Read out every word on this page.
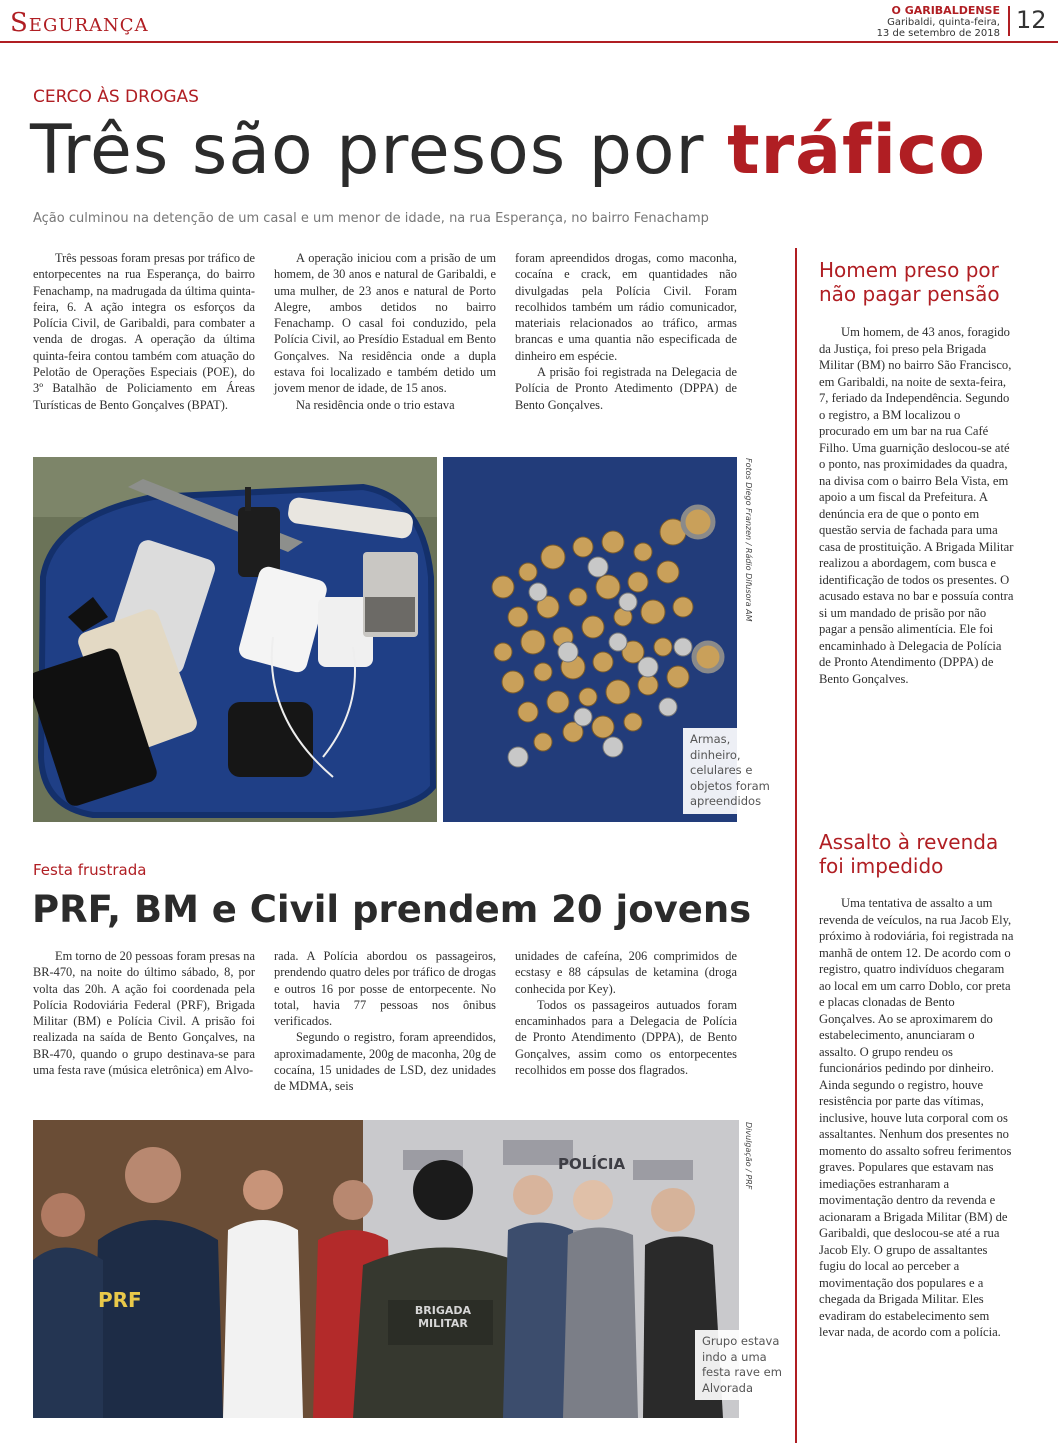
Segurança	O GARIBALDENSE
Garibaldi, quinta-feira,
13 de setembro de 2018 12
CERCO ÀS DROGAS
Três são presos por tráfico
Ação culminou na detenção de um casal e um menor de idade, na rua Esperança, no bairro Fenachamp

Três pessoas foram presas por tráfico de entorpecentes na rua Esperança, do bairro Fenachamp, na madrugada da última quinta-feira, 6. A ação integra os esforços da Polícia Civil, de Garibaldi, para combater a venda de drogas. A operação da última quinta-feira contou também com atuação do Pelotão de Operações Especiais (POE), do 3º Batalhão de Policiamento em Áreas Turísticas de Bento Gonçalves (BPAT).

A operação iniciou com a prisão de um homem, de 30 anos e natural de Garibaldi, e uma mulher, de 23 anos e natural de Porto Alegre, ambos detidos no bairro Fenachamp. O casal foi conduzido, pela Polícia Civil, ao Presídio Estadual em Bento Gonçalves. Na residência onde a dupla estava foi localizado e também detido um jovem menor de idade, de 15 anos.

Na residência onde o trio estava

foram apreendidos drogas, como maconha, cocaína e crack, em quantidades não divulgadas pela Polícia Civil. Foram recolhidos também um rádio comunicador, materiais relacionados ao tráfico, armas brancas e uma quantia não especificada de dinheiro em espécie.

A prisão foi registrada na Delegacia de Polícia de Pronto Atedimento (DPPA) de Bento Gonçalves.

Fotos Diego Franzen / Rádio Difusora AM
Armas, dinheiro, celulares e objetos foram apreendidos
Festa frustrada
PRF, BM e Civil prendem 20 jovens

Em torno de 20 pessoas foram presas na BR-470, na noite do último sábado, 8, por volta das 20h. A ação foi coordenada pela Polícia Rodoviária Federal (PRF), Brigada Militar (BM) e Polícia Civil. A prisão foi realizada na saída de Bento Gonçalves, na BR-470, quando o grupo destinava-se para uma festa rave (música eletrônica) em Alvo-

rada. A Polícia abordou os passageiros, prendendo quatro deles por tráfico de drogas e outros 16 por posse de entorpecente. No total, havia 77 pessoas nos ônibus verificados.

Segundo o registro, foram apreendidos, aproximadamente, 200g de maconha, 20g de cocaína, 15 unidades de LSD, dez unidades de MDMA, seis

unidades de cafeína, 206 comprimidos de ecstasy e 88 cápsulas de ketamina (droga conhecida por Key).

Todos os passageiros autuados foram encaminhados para a Delegacia de Polícia de Pronto Atendimento (DPPA), de Bento Gonçalves, assim como os entorpecentes recolhidos em posse dos flagrados.

PRF	BRIGADA MILITAR
POLÍCIA	Divulgação / PRF
Grupo estava indo a uma festa rave em Alvorada
Homem preso por não pagar pensão

Um homem, de 43 anos, foragido da Justiça, foi preso pela Brigada Militar (BM) no bairro São Francisco, em Garibaldi, na noite de sexta-feira, 7, feriado da Independência. Segundo o registro, a BM localizou o procurado em um bar na rua Café Filho. Uma guarnição deslocou-se até o ponto, nas proximidades da quadra, na divisa com o bairro Bela Vista, em apoio a um fiscal da Prefeitura. A denúncia era de que o ponto em questão servia de fachada para uma casa de prostituição. A Brigada Militar realizou a abordagem, com busca e identificação de todos os presentes. O acusado estava no bar e possuía contra si um mandado de prisão por não pagar a pensão alimentícia. Ele foi encaminhado à Delegacia de Polícia de Pronto Atendimento (DPPA) de Bento Gonçalves.

Assalto à revenda foi impedido

Uma tentativa de assalto a um revenda de veículos, na rua Jacob Ely, próximo à rodoviária, foi registrada na manhã de ontem 12. De acordo com o registro, quatro indivíduos chegaram ao local em um carro Doblo, cor preta e placas clonadas de Bento Gonçalves. Ao se aproximarem do estabelecimento, anunciaram o assalto. O grupo rendeu os funcionários pedindo por dinheiro. Ainda segundo o registro, houve resistência por parte das vítimas, inclusive, houve luta corporal com os assaltantes. Nenhum dos presentes no momento do assalto sofreu ferimentos graves. Populares que estavam nas imediações estranharam a movimentação dentro da revenda e acionaram a Brigada Militar (BM) de Garibaldi, que deslocou-se até a rua Jacob Ely. O grupo de assaltantes fugiu do local ao perceber a movimentação dos populares e a chegada da Brigada Militar. Eles evadiram do estabelecimento sem levar nada, de acordo com a polícia.
